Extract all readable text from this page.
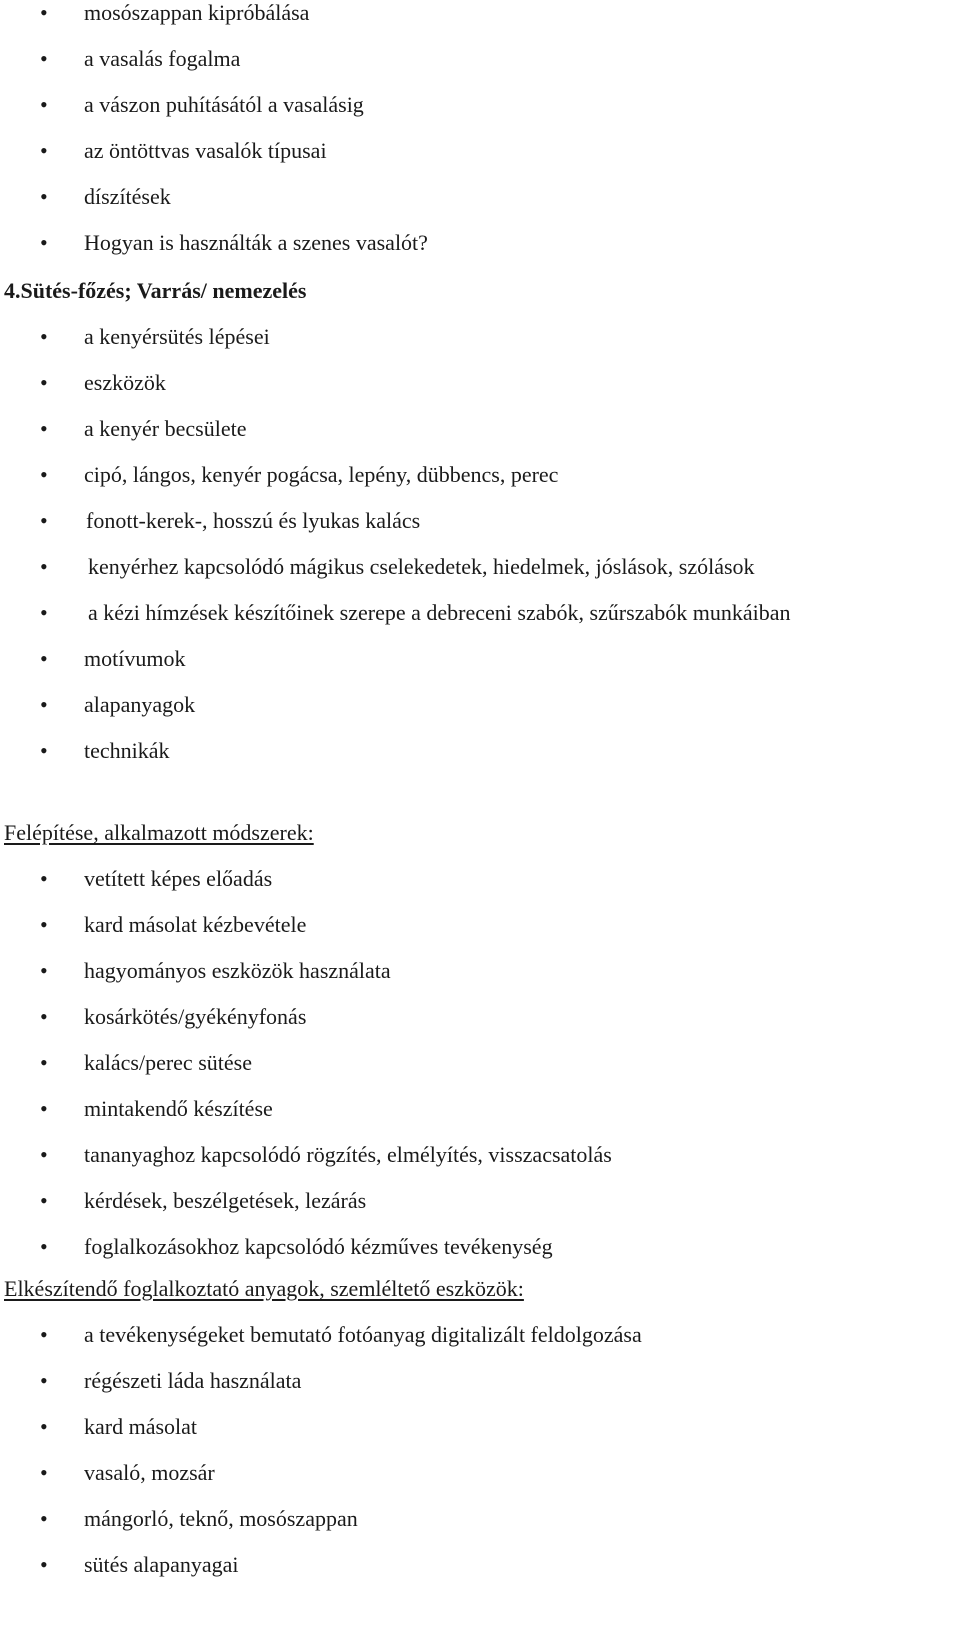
• mosószappan kipróbálása
• a vasalás fogalma
• a vászon puhításától a vasalásig
• az öntöttvas vasalók típusai
• díszítések
• Hogyan is használták a szenes vasalót?
4.Sütés-főzés; Varrás/ nemezelés
• a kenyérsütés lépései
• eszközök
• a kenyér becsülete
• cipó, lángos, kenyér pogácsa, lepény, dübbencs, perec
• fonott-kerek-, hosszú és lyukas kalács
• kenyérhez kapcsolódó mágikus cselekedetek, hiedelmek, jóslások, szólások
• a kézi hímzések készítőinek szerepe a debreceni szabók, szűrszabók munkáiban
• motívumok
• alapanyagok
• technikák
Felépítése, alkalmazott módszerek:
• vetített képes előadás
• kard másolat kézbevétele
• hagyományos eszközök használata
• kosárkötés/gyékényfonás
• kalács/perec sütése
• mintakendő készítése
• tananyaghoz kapcsolódó rögzítés, elmélyítés, visszacsatolás
• kérdések, beszélgetések, lezárás
• foglalkozásokhoz kapcsolódó kézműves tevékenység
Elkészítendő foglalkoztató anyagok, szemléltető eszközök:
• a tevékenységeket bemutató fotóanyag digitalizált feldolgozása
• régészeti láda használata
• kard másolat
• vasaló, mozsár
• mángorló, teknő, mosószappan
• sütés alapanyagai
